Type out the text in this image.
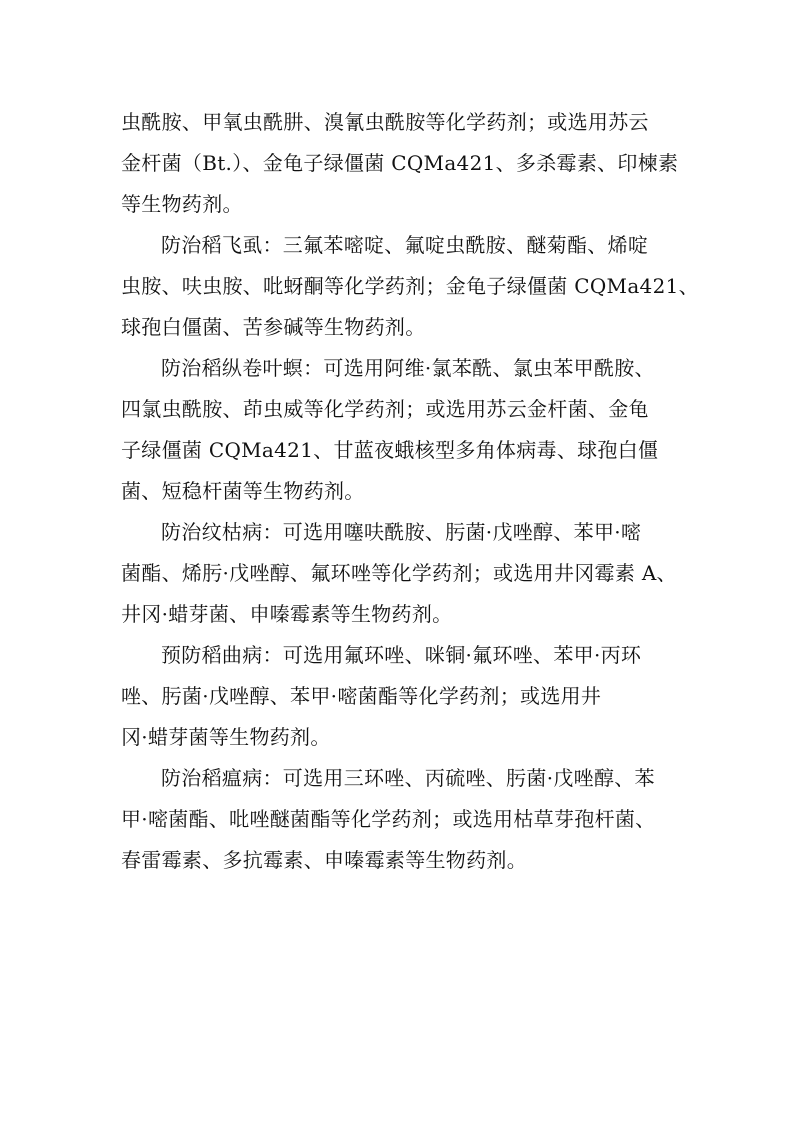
虫酰胺、甲氧虫酰肼、溴氰虫酰胺等化学药剂；或选用苏云
金杆菌（Bt.）、金龟子绿僵菌 CQMa421、多杀霉素、印楝素
等生物药剂。

防治稻飞虱：三氟苯嘧啶、氟啶虫酰胺、醚菊酯、烯啶
虫胺、呋虫胺、吡蚜酮等化学药剂；金龟子绿僵菌 CQMa421、
球孢白僵菌、苦参碱等生物药剂。

防治稻纵卷叶螟：可选用阿维·氯苯酰、氯虫苯甲酰胺、
四氯虫酰胺、茚虫威等化学药剂；或选用苏云金杆菌、金龟
子绿僵菌 CQMa421、甘蓝夜蛾核型多角体病毒、球孢白僵
菌、短稳杆菌等生物药剂。

防治纹枯病：可选用噻呋酰胺、肟菌·戊唑醇、苯甲·嘧
菌酯、烯肟·戊唑醇、氟环唑等化学药剂；或选用井冈霉素 A、
井冈·蜡芽菌、申嗪霉素等生物药剂。

预防稻曲病：可选用氟环唑、咪铜·氟环唑、苯甲·丙环
唑、肟菌·戊唑醇、苯甲·嘧菌酯等化学药剂；或选用井
冈·蜡芽菌等生物药剂。

防治稻瘟病：可选用三环唑、丙硫唑、肟菌·戊唑醇、苯
甲·嘧菌酯、吡唑醚菌酯等化学药剂；或选用枯草芽孢杆菌、
春雷霉素、多抗霉素、申嗪霉素等生物药剂。
